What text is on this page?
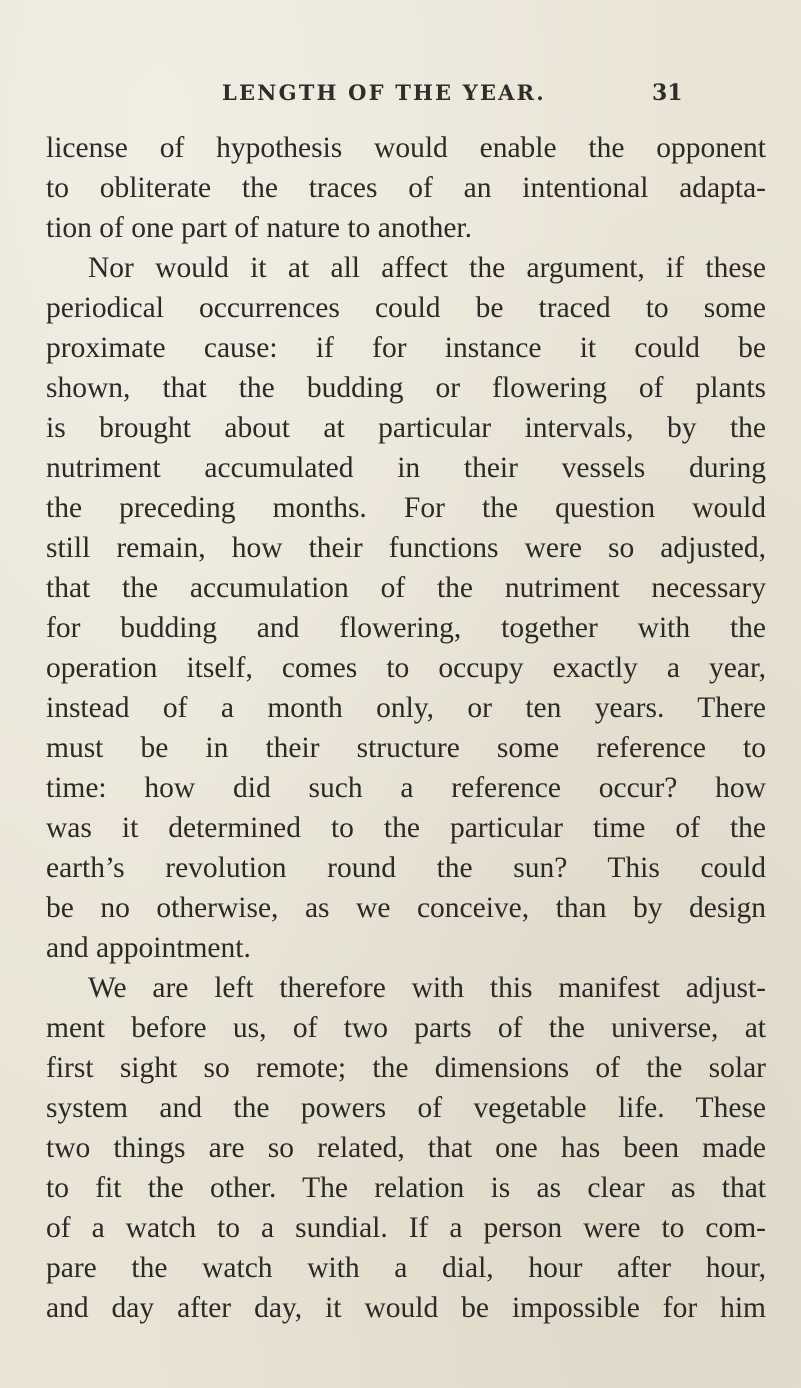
LENGTH OF THE YEAR.	31
license of hypothesis would enable the opponent
to obliterate the traces of an intentional adapta-
tion of one part of nature to another.
Nor would it at all affect the argument, if these
periodical occurrences could be traced to some
proximate cause: if for instance it could be
shown, that the budding or flowering of plants
is brought about at particular intervals, by the
nutriment accumulated in their vessels during
the preceding months. For the question would
still remain, how their functions were so adjusted,
that the accumulation of the nutriment necessary
for budding and flowering, together with the
operation itself, comes to occupy exactly a year,
instead of a month only, or ten years. There
must be in their structure some reference to
time: how did such a reference occur? how
was it determined to the particular time of the
earth’s revolution round the sun? This could
be no otherwise, as we conceive, than by design
and appointment.
We are left therefore with this manifest adjust-
ment before us, of two parts of the universe, at
first sight so remote; the dimensions of the solar
system and the powers of vegetable life. These
two things are so related, that one has been made
to fit the other. The relation is as clear as that
of a watch to a sundial. If a person were to com-
pare the watch with a dial, hour after hour,
and day after day, it would be impossible for him
